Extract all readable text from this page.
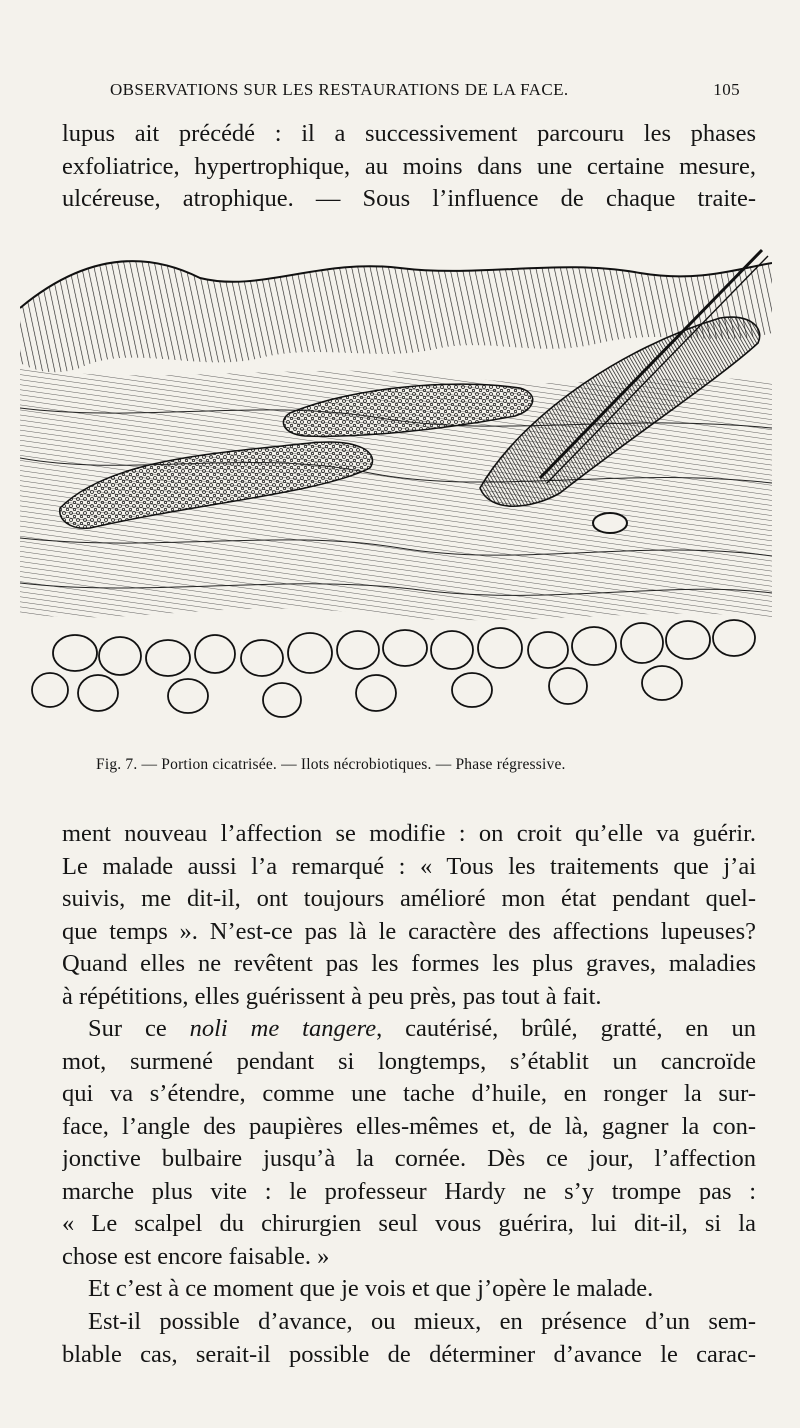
OBSERVATIONS SUR LES RESTAURATIONS DE LA FACE.	105
lupus ait précédé : il a successivement parcouru les phases
exfoliatrice, hypertrophique, au moins dans une certaine mesure,
ulcéreuse, atrophique. — Sous l’influence de chaque traite-
Fig. 7. — Portion cicatrisée. — Ilots nécrobiotiques. — Phase régressive.
ment nouveau l’affection se modifie : on croit qu’elle va guérir.
Le malade aussi l’a remarqué : « Tous les traitements que j’ai
suivis, me dit-il, ont toujours amélioré mon état pendant quel-
que temps ». N’est-ce pas là le caractère des affections lupeuses?
Quand elles ne revêtent pas les formes les plus graves, maladies
à répétitions, elles guérissent à peu près, pas tout à fait.
Sur ce noli me tangere, cautérisé, brûlé, gratté, en un
mot, surmené pendant si longtemps, s’établit un cancroïde
qui va s’étendre, comme une tache d’huile, en ronger la sur-
face, l’angle des paupières elles-mêmes et, de là, gagner la con-
jonctive bulbaire jusqu’à la cornée. Dès ce jour, l’affection
marche plus vite : le professeur Hardy ne s’y trompe pas :
« Le scalpel du chirurgien seul vous guérira, lui dit-il, si la
chose est encore faisable. »
Et c’est à ce moment que je vois et que j’opère le malade.
Est-il possible d’avance, ou mieux, en présence d’un sem-
blable cas, serait-il possible de déterminer d’avance le carac-
